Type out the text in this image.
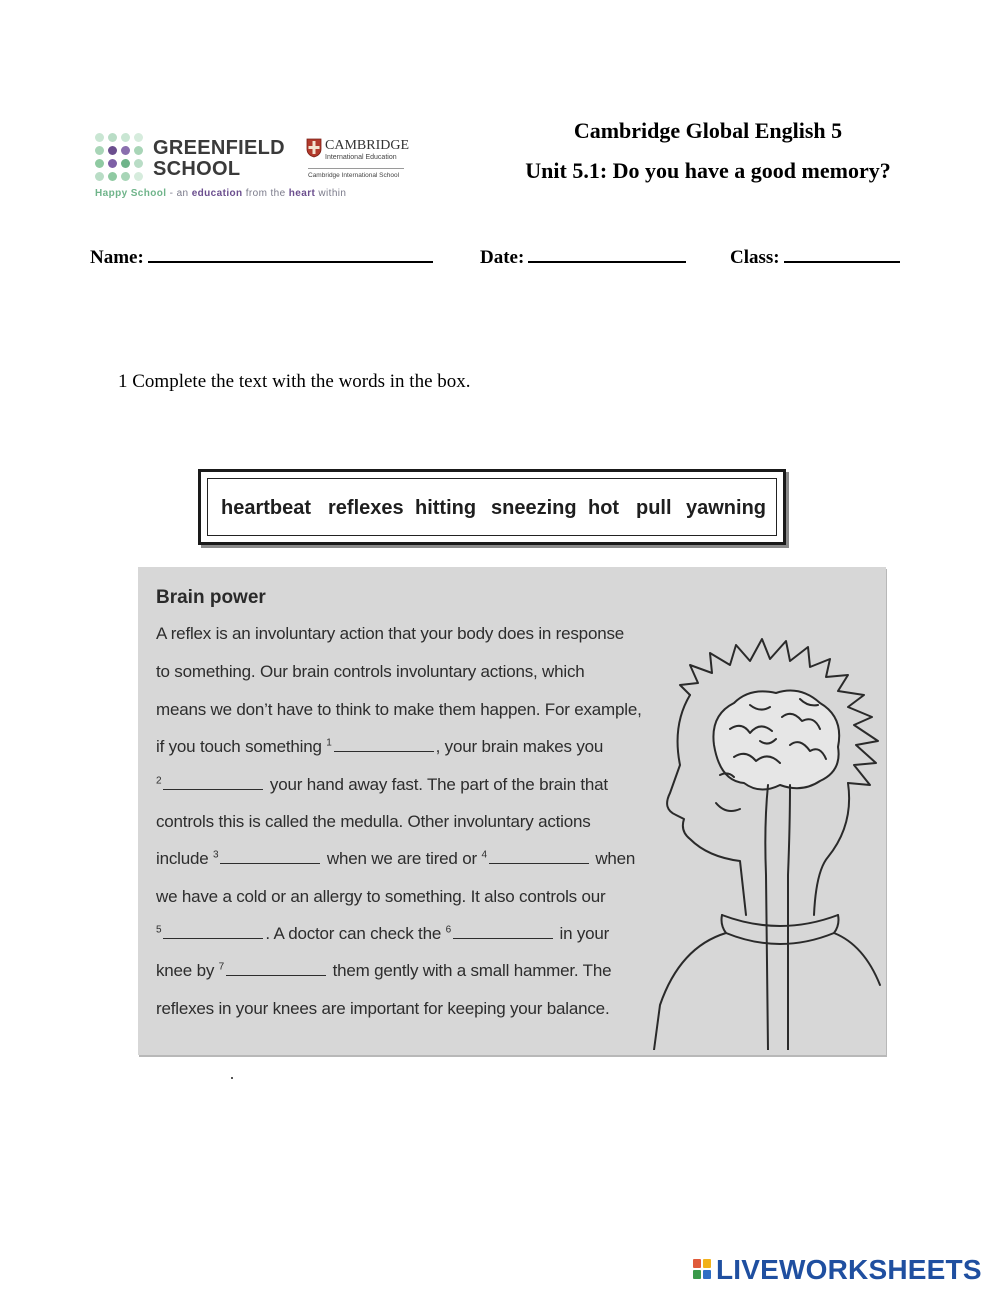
GREENFIELD
SCHOOL
CAMBRIDGE
International Education
Cambridge International School
Happy School - an education from the heart within
Cambridge Global English 5
Unit 5.1: Do you have a good memory?
Name:	Date:	Class:
1 Complete the text with the words in the box.
heartbeat reflexes hitting sneezing hot pull yawning
Brain power
A reflex is an involuntary action that your body does in response
to something. Our brain controls involuntary actions, which
means we don’t have to think to make them happen. For example,
if you touch something $^1$	, your brain makes you
$^2$	your hand away fast. The part of the brain that
controls this is called the medulla. Other involuntary actions
include $^3$	when we are tired or $^4$	when
we have a cold or an allergy to something. It also controls our
$^5$	. A doctor can check the $^6$	in your
knee by $^7$	them gently with a small hammer. The
reflexes in your knees are important for keeping your balance.
LIVEWORKSHEETS
